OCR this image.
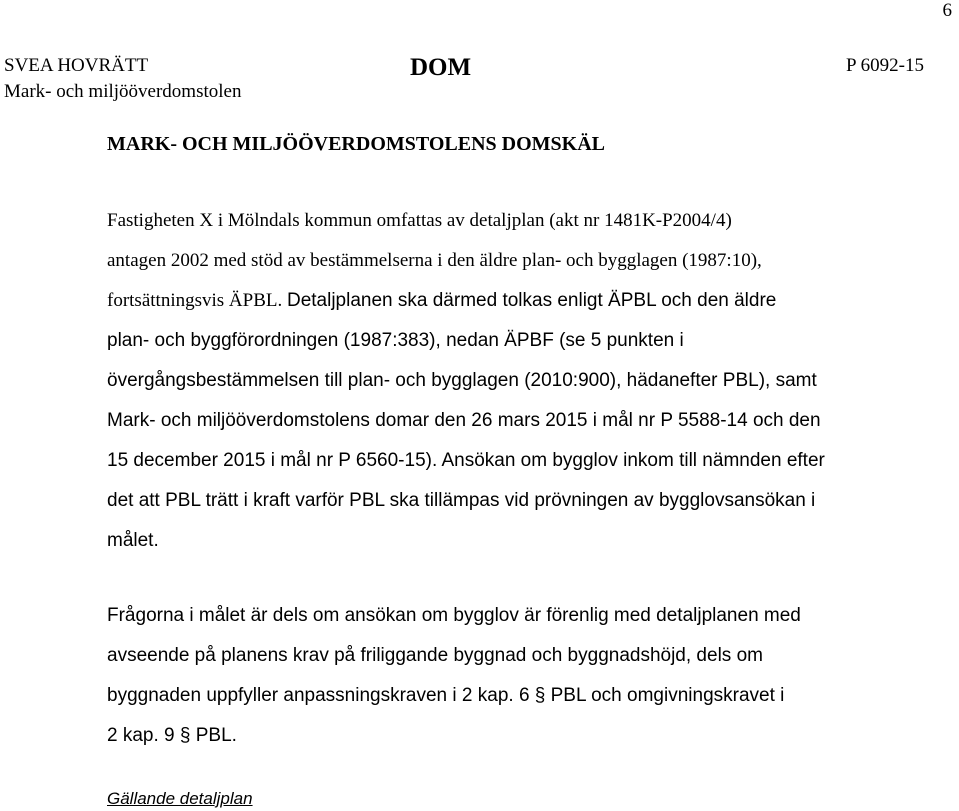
6
SVEA HOVRÄTT
Mark- och miljööverdomstolen
DOM	P 6092-15
MARK- OCH MILJÖÖVERDOMSTOLENS DOMSKÄL

Fastigheten X i Mölndals kommun omfattas av detaljplan (akt nr 1481K-P2004/4)
antagen 2002 med stöd av bestämmelserna i den äldre plan- och bygglagen (1987:10),
fortsättningsvis ÄPBL. Detaljplanen ska därmed tolkas enligt ÄPBL och den äldre
plan- och byggförordningen (1987:383), nedan ÄPBF (se 5 punkten i
övergångsbestämmelsen till plan- och bygglagen (2010:900), hädanefter PBL), samt
Mark- och miljööverdomstolens domar den 26 mars 2015 i mål nr P 5588-14 och den
15 december 2015 i mål nr P 6560-15). Ansökan om bygglov inkom till nämnden efter
det att PBL trätt i kraft varför PBL ska tillämpas vid prövningen av bygglovsansökan i
målet.

Frågorna i målet är dels om ansökan om bygglov är förenlig med detaljplanen med
avseende på planens krav på friliggande byggnad och byggnadshöjd, dels om
byggnaden uppfyller anpassningskraven i 2 kap. 6 § PBL och omgivningskravet i
2 kap. 9 § PBL.

Gällande detaljplan
